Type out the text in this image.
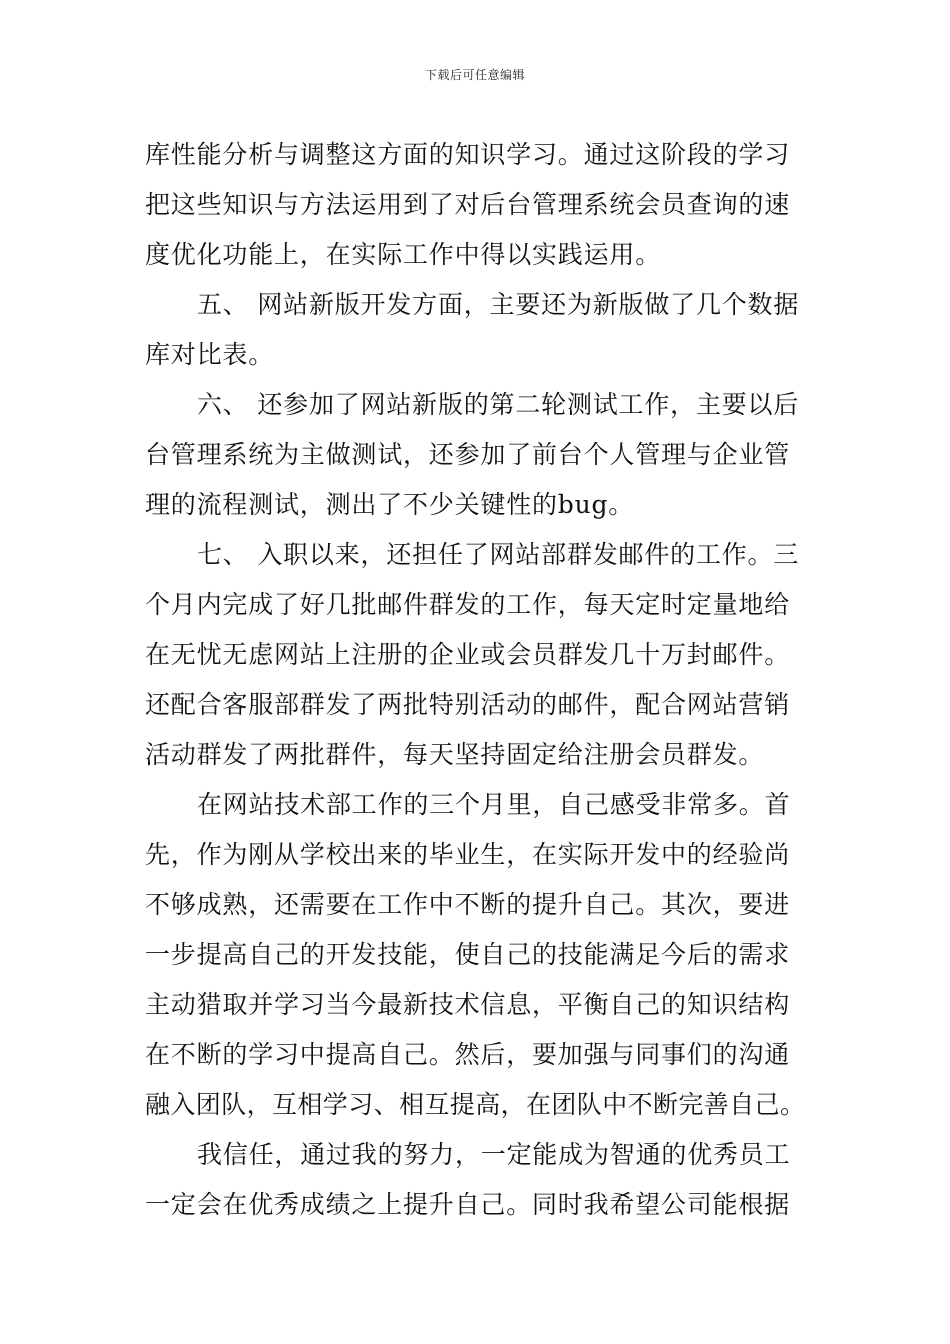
下载后可任意编辑
库性能分析与调整这方面的知识学习。通过这阶段的学习
把这些知识与方法运用到了对后台管理系统会员查询的速
度优化功能上，在实际工作中得以实践运用。
五、 网站新版开发方面，主要还为新版做了几个数据
库对比表。
六、 还参加了网站新版的第二轮测试工作，主要以后
台管理系统为主做测试，还参加了前台个人管理与企业管
理的流程测试，测出了不少关键性的bug。
七、 入职以来，还担任了网站部群发邮件的工作。三
个月内完成了好几批邮件群发的工作，每天定时定量地给
在无忧无虑网站上注册的企业或会员群发几十万封邮件。
还配合客服部群发了两批特别活动的邮件，配合网站营销
活动群发了两批群件，每天坚持固定给注册会员群发。
在网站技术部工作的三个月里，自己感受非常多。首
先，作为刚从学校出来的毕业生，在实际开发中的经验尚
不够成熟，还需要在工作中不断的提升自己。其次，要进
一步提高自己的开发技能，使自己的技能满足今后的需求
主动猎取并学习当今最新技术信息，平衡自己的知识结构
在不断的学习中提高自己。然后，要加强与同事们的沟通
融入团队，互相学习、相互提高，在团队中不断完善自己。
我信任，通过我的努力，一定能成为智通的优秀员工
一定会在优秀成绩之上提升自己。同时我希望公司能根据
